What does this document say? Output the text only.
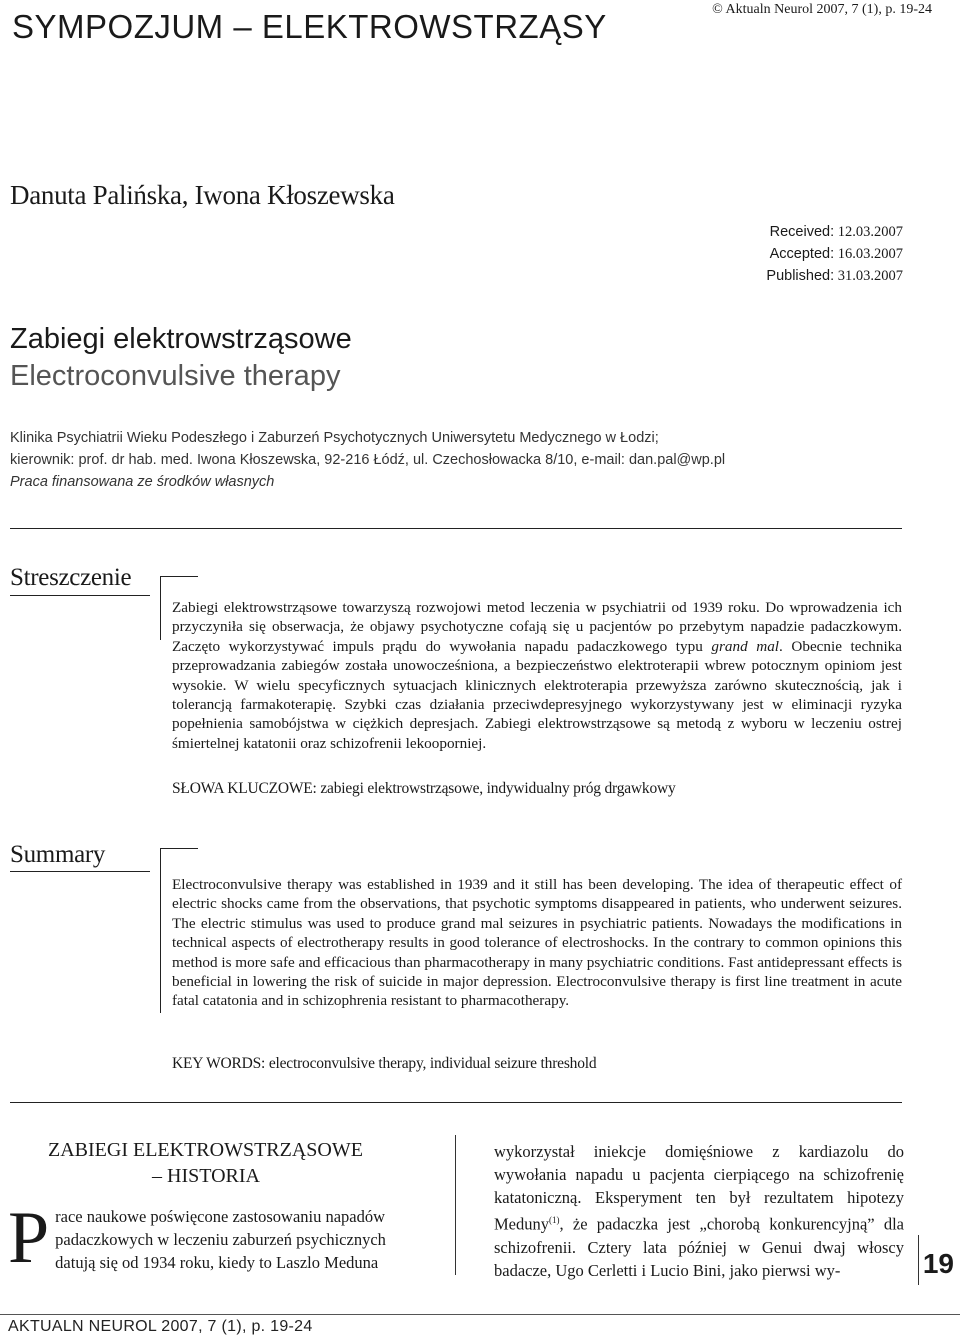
SYMPOZJUM – ELEKTROWSTRZĄSY	© Aktualn Neurol 2007, 7 (1), p. 19-24
Danuta Palińska, Iwona Kłoszewska
Received: 12.03.2007
Accepted: 16.03.2007
Published: 31.03.2007
Zabiegi elektrowstrząsowe
Electroconvulsive therapy
Klinika Psychiatrii Wieku Podeszłego i Zaburzeń Psychotycznych Uniwersytetu Medycznego w Łodzi;
kierownik: prof. dr hab. med. Iwona Kłoszewska, 92-216 Łódź, ul. Czechosłowacka 8/10, e-mail: dan.pal@wp.pl
Praca finansowana ze środków własnych
Streszczenie
Zabiegi elektrowstrząsowe towarzyszą rozwojowi metod leczenia w psychiatrii od 1939 roku. Do wprowadzenia ich przyczyniła się obserwacja, że objawy psychotyczne cofają się u pacjentów po przebytym napadzie padaczkowym. Zaczęto wykorzystywać impuls prądu do wywołania napadu padaczkowego typu grand mal. Obecnie technika przeprowadzania zabiegów została unowocześniona, a bezpieczeństwo elektroterapii wbrew potocznym opiniom jest wysokie. W wielu specyficznych sytuacjach klinicznych elektroterapia przewyższa zarówno skutecznością, jak i tolerancją farmakoterapię. Szybki czas działania przeciwdepresyjnego wykorzystywany jest w eliminacji ryzyka popełnienia samobójstwa w ciężkich depresjach. Zabiegi elektrowstrząsowe są metodą z wyboru w leczeniu ostrej śmiertelnej katatonii oraz schizofrenii lekooporniej.
SŁOWA KLUCZOWE: zabiegi elektrowstrząsowe, indywidualny próg drgawkowy
Summary
Electroconvulsive therapy was established in 1939 and it still has been developing. The idea of therapeutic effect of electric shocks came from the observations, that psychotic symptoms disappeared in patients, who underwent seizures. The electric stimulus was used to produce grand mal seizures in psychiatric patients. Nowadays the modifications in technical aspects of electrotherapy results in good tolerance of electroshocks. In the contrary to common opinions this method is more safe and efficacious than pharmacotherapy in many psychiatric conditions. Fast antidepressant effects is beneficial in lowering the risk of suicide in major depression. Electroconvulsive therapy is first line treatment in acute fatal catatonia and in schizophrenia resistant to pharmacotherapy.
KEY WORDS: electroconvulsive therapy, individual seizure threshold
ZABIEGI ELEKTROWSTRZĄSOWE
– HISTORIA
Prace naukowe poświęcone zastosowaniu napadów padaczkowych w leczeniu zaburzeń psychicznych datują się od 1934 roku, kiedy to Laszlo Meduna
wykorzystał iniekcje domięśniowe z kardiazolu do wywołania napadu u pacjenta cierpiącego na schizofrenię katatoniczną. Eksperyment ten był rezultatem hipotezy Meduny$^{(1)}$, że padaczka jest „chorobą konkurencyjną” dla schizofrenii. Cztery lata później w Genui dwaj włoscy badacze, Ugo Cerletti i Lucio Bini, jako pierwsi wy-	19
AKTUALN NEUROL 2007, 7 (1), p. 19-24
